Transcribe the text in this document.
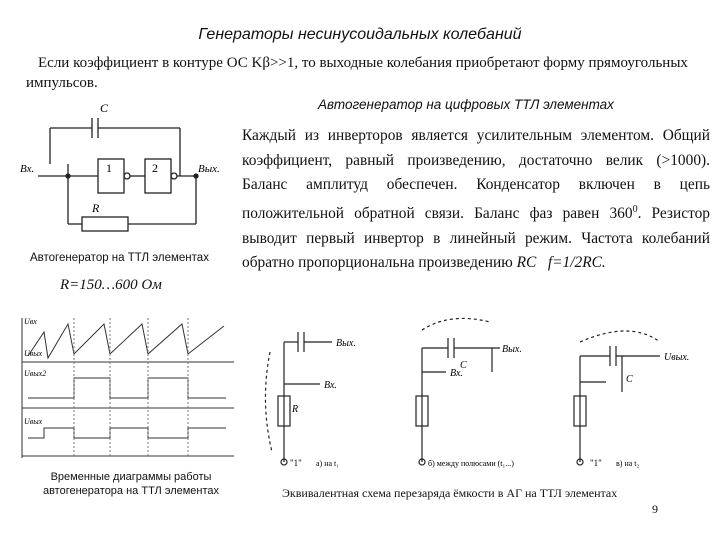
Генераторы несинусоидальных колебаний
Если коэффициент в контуре ОС Kβ>>1, то выходные колебания приобретают форму прямоугольных импульсов.
Автогенератор на цифровых ТТЛ элементах
Каждый из инверторов является усилительным элементом. Общий коэффициент, равный произведению, достаточно велик (>1000). Баланс амплитуд обеспечен. Конденсатор включен в цепь положительной обратной связи. Баланс фаз равен $360^0$. Резистор выводит первый инвертор в линейный режим. Частота колебаний обратно пропорциональна произведению RC f=1/2RC.
C
R
Вх.	Вых.
1	2
Автогенератор на ТТЛ элементах
R=150…600 Ом
Uвх
Uвых
Uвых2
Uвых
Временные диаграммы работы автогенератора на ТТЛ элементах
Вых.
Вх.
R
"1" а) на t₁
Вых.
Вх.
C
б) между полюсами (t₁...)
Uвых.
C
"1" в) на t₂
Эквивалентная схема перезаряда ёмкости в АГ на ТТЛ элементах
9
